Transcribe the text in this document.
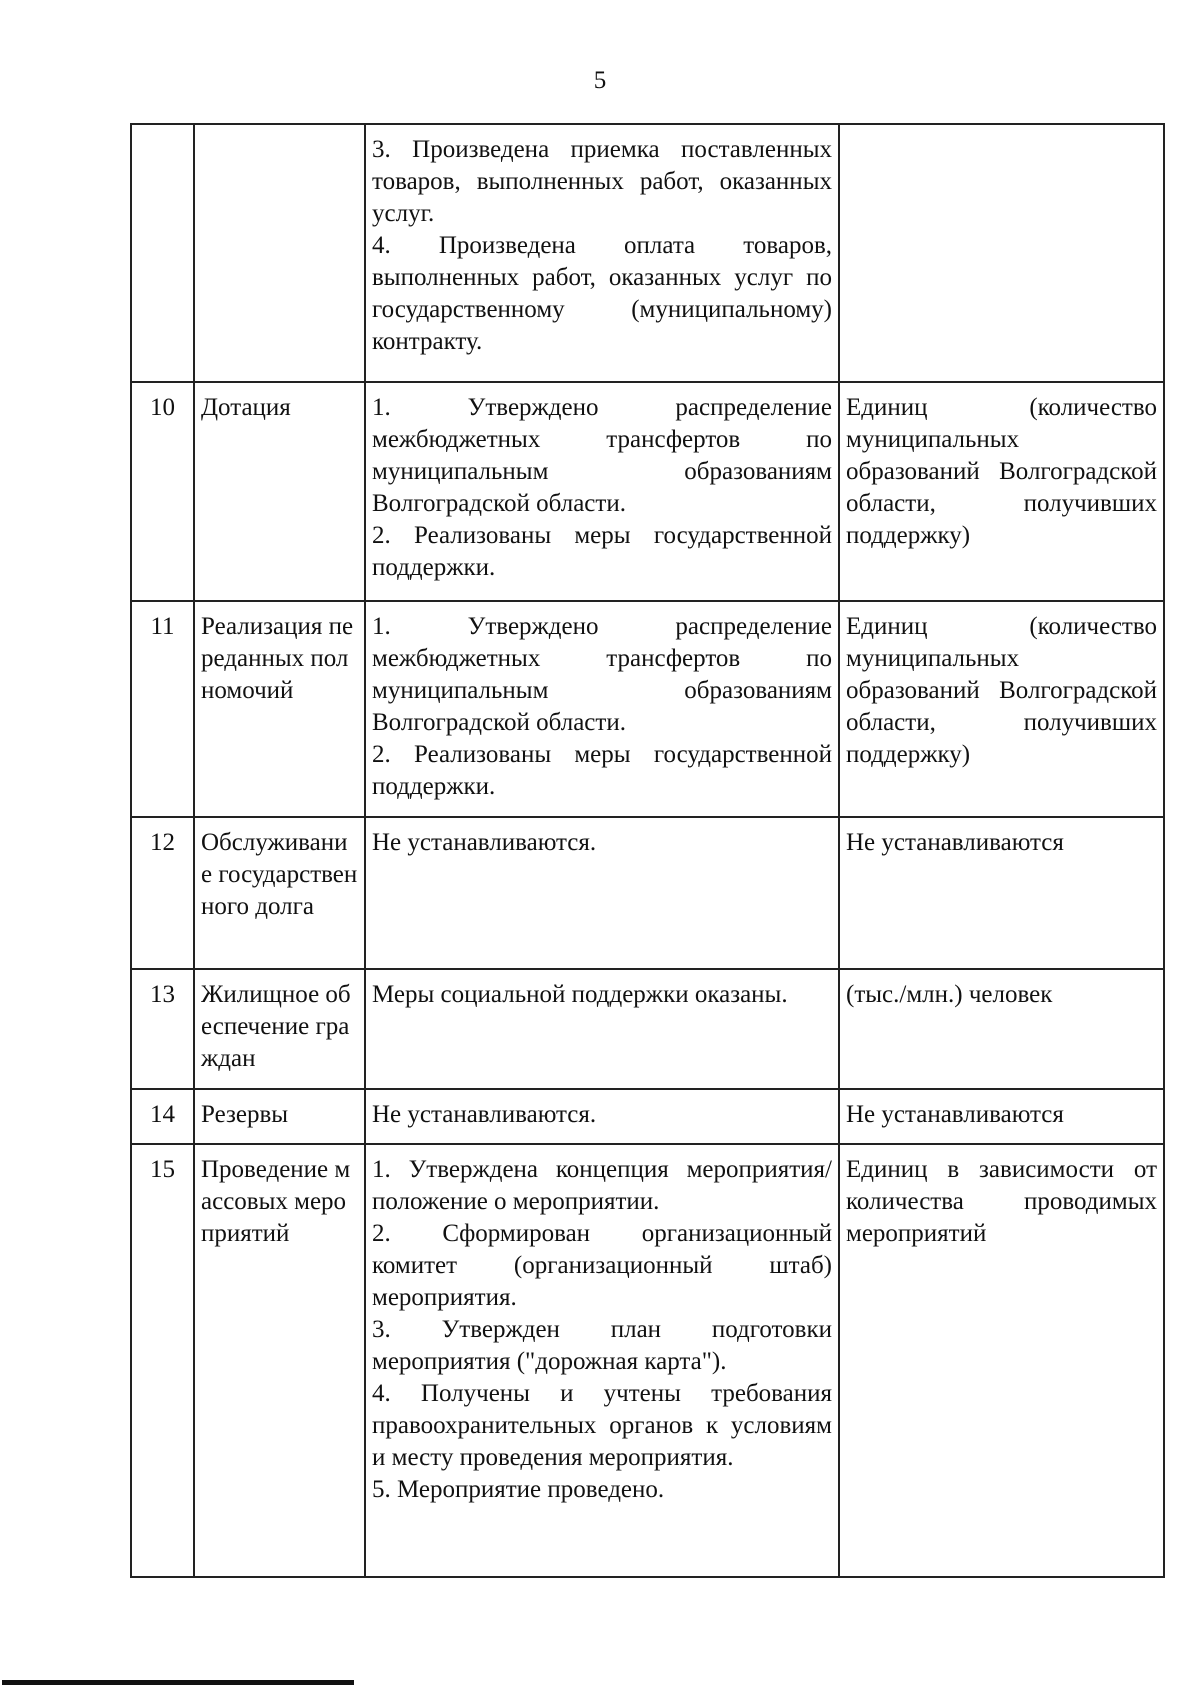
5

		3. Произведена приемка поставленных товаров, выполненных работ, оказанных услуг.
4. Произведена оплата товаров, выполненных работ, оказанных услуг по государственному (муниципальному) контракту.	

10	Дотация	1. Утверждено распределение межбюджетных трансфертов по муниципальным образованиям Волгоградской области.
2. Реализованы меры государственной поддержки.	Единиц (количество муниципальных образований Волгоградской области, получивших поддержку)
11	Реализация переданных полномочий	1. Утверждено распределение межбюджетных трансфертов по муниципальным образованиям Волгоградской области.
2. Реализованы меры государственной поддержки.	Единиц (количество муниципальных образований Волгоградской области, получивших поддержку)
12	Обслуживание государственного долга	Не устанавливаются.	Не устанавливаются
13	Жилищное обеспечение граждан	Меры социальной поддержки оказаны.	(тыс./млн.) человек
14	Резервы	Не устанавливаются.	Не устанавливаются
15	Проведение массовых мероприятий	1. Утверждена концепция мероприятия/положение о мероприятии.
2. Сформирован организационный комитет (организационный штаб) мероприятия.
3. Утвержден план подготовки мероприятия ("дорожная карта").
4. Получены и учтены требования правоохранительных органов к условиям и месту проведения мероприятия.
5. Мероприятие проведено.	Единиц в зависимости от количества проводимых мероприятий
